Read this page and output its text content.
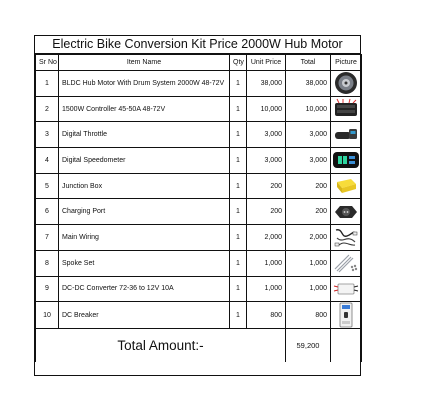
Electric Bike Conversion Kit Price 2000W Hub Motor
Sr No	Item Name	Qty	Unit Price	Total	Picture
1	BLDC Hub Motor With Drum System 2000W 48-72V	1	38,000	38,000	
2	1500W Controller 45-50A 48-72V	1	10,000	10,000	
3	Digital Throttle	1	3,000	3,000	
4	Digital Speedometer	1	3,000	3,000	
5	Junction Box	1	200	200	
6	Charging Port	1	200	200	
7	Main Wiring	1	2,000	2,000	
8	Spoke Set	1	1,000	1,000	
9	DC-DC Converter 72-36 to 12V 10A	1	1,000	1,000	
10	DC Breaker	1	800	800	
Total Amount:-				59,200	
